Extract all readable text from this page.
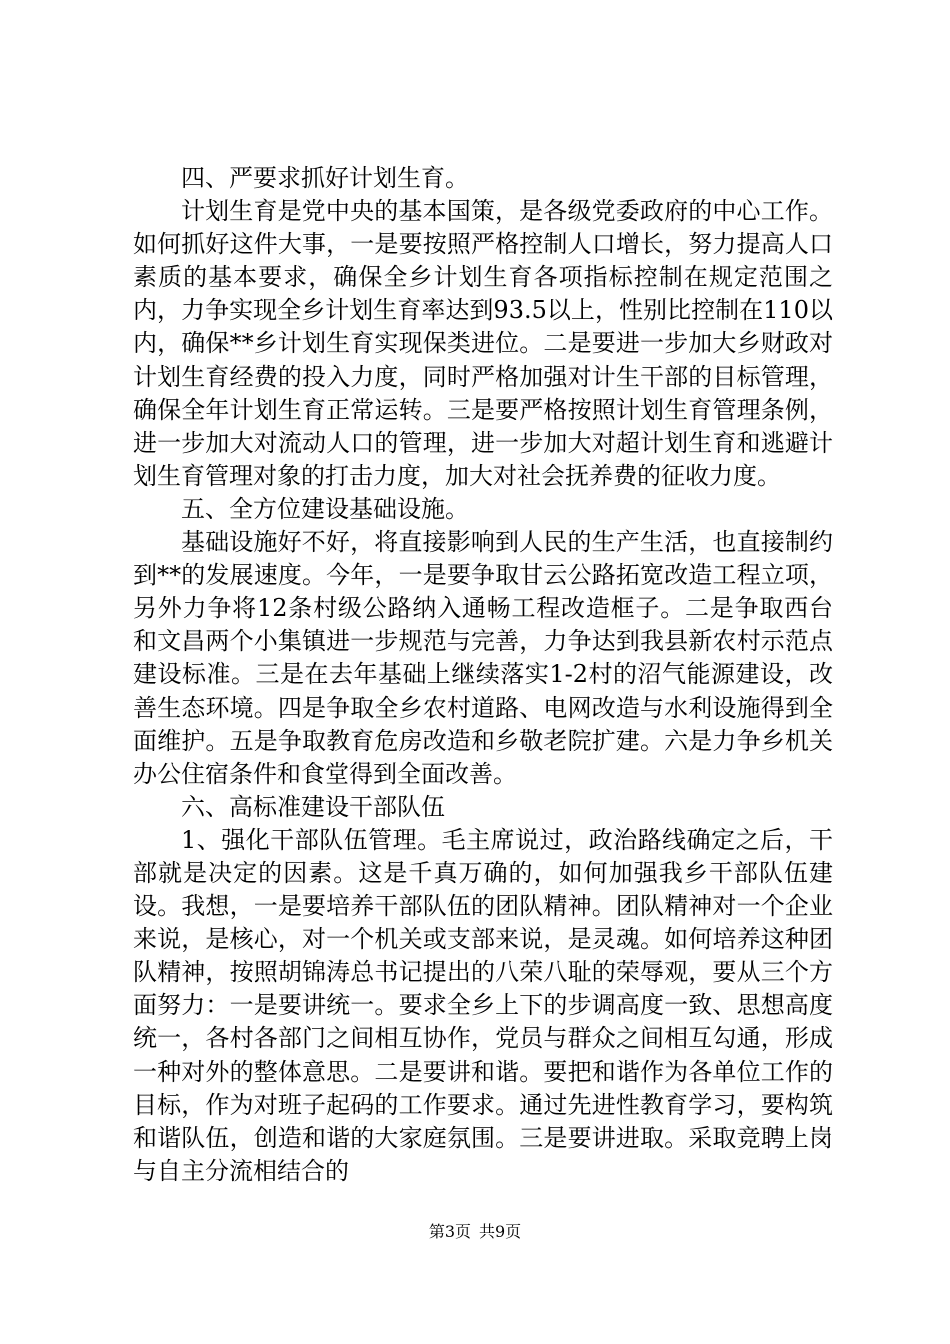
四、严要求抓好计划生育。

计划生育是党中央的基本国策，是各级党委政府的中心工作。如何抓好这件大事，一是要按照严格控制人口增长，努力提高人口素质的基本要求，确保全乡计划生育各项指标控制在规定范围之内，力争实现全乡计划生育率达到93.5以上，性别比控制在110以内，确保**乡计划生育实现保类进位。二是要进一步加大乡财政对计划生育经费的投入力度，同时严格加强对计生干部的目标管理，确保全年计划生育正常运转。三是要严格按照计划生育管理条例，进一步加大对流动人口的管理，进一步加大对超计划生育和逃避计划生育管理对象的打击力度，加大对社会抚养费的征收力度。

五、全方位建设基础设施。

基础设施好不好，将直接影响到人民的生产生活，也直接制约到**的发展速度。今年，一是要争取甘云公路拓宽改造工程立项，另外力争将12条村级公路纳入通畅工程改造框子。二是争取西台和文昌两个小集镇进一步规范与完善，力争达到我县新农村示范点建设标准。三是在去年基础上继续落实1-2村的沼气能源建设，改善生态环境。四是争取全乡农村道路、电网改造与水利设施得到全面维护。五是争取教育危房改造和乡敬老院扩建。六是力争乡机关办公住宿条件和食堂得到全面改善。

六、高标准建设干部队伍

1、强化干部队伍管理。毛主席说过，政治路线确定之后，干部就是决定的因素。这是千真万确的，如何加强我乡干部队伍建设。我想，一是要培养干部队伍的团队精神。团队精神对一个企业来说，是核心，对一个机关或支部来说，是灵魂。如何培养这种团队精神，按照胡锦涛总书记提出的八荣八耻的荣辱观，要从三个方面努力：一是要讲统一。要求全乡上下的步调高度一致、思想高度统一，各村各部门之间相互协作，党员与群众之间相互勾通，形成一种对外的整体意思。二是要讲和谐。要把和谐作为各单位工作的目标，作为对班子起码的工作要求。通过先进性教育学习，要构筑和谐队伍，创造和谐的大家庭氛围。三是要讲进取。采取竞聘上岗与自主分流相结合的

第3页 共9页
